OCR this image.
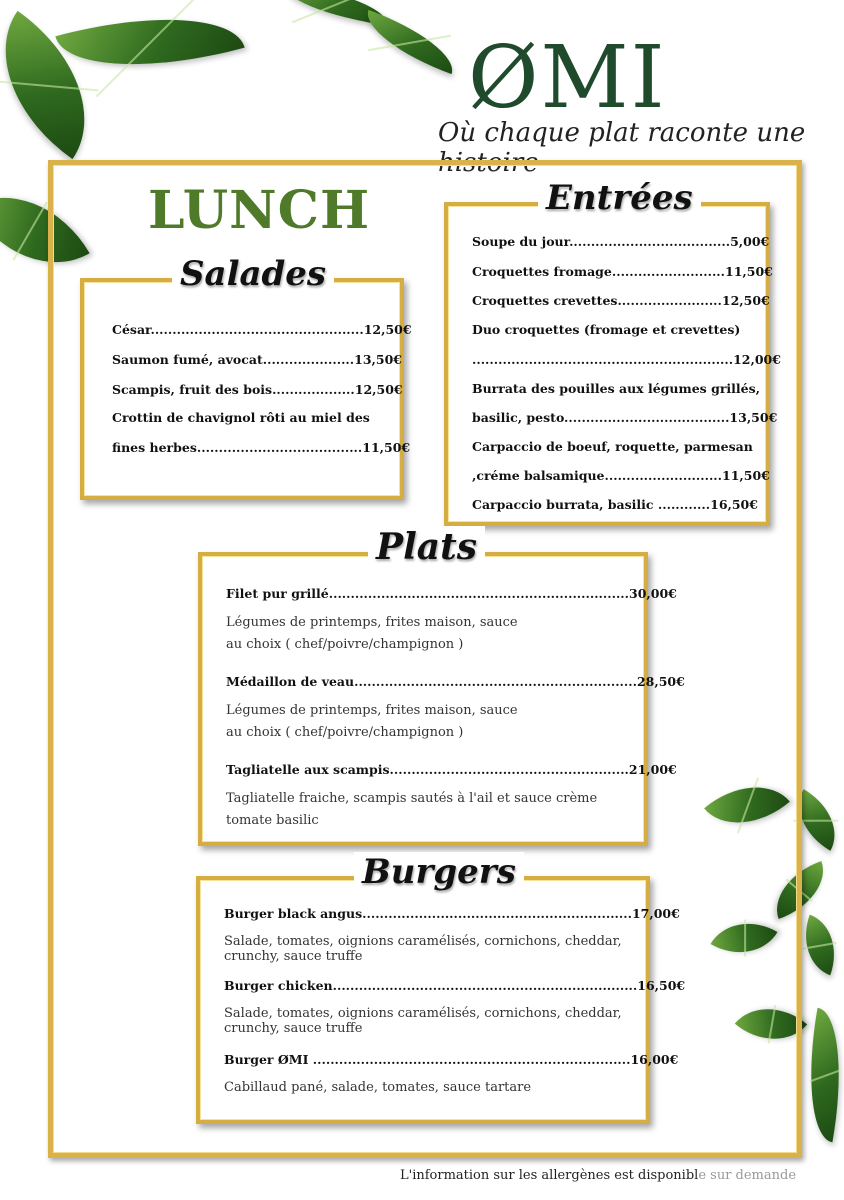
ØMI
Où chaque plat raconte une histoire
LUNCH
Salades
César.................................................12,50€
Saumon fumé, avocat.....................13,50€
Scampis, fruit des bois...................12,50€
Crottin de chavignol rôti au miel des
fines herbes......................................11,50€
Entrées
Soupe du jour.....................................5,00€
Croquettes fromage..........................11,50€
Croquettes crevettes........................12,50€
Duo croquettes (fromage et crevettes)
............................................................12,00€
Burrata des pouilles aux légumes grillés,
basilic, pesto......................................13,50€
Carpaccio de boeuf, roquette, parmesan
,créme balsamique...........................11,50€
Carpaccio burrata, basilic ............16,50€
Plats
Filet pur grillé.....................................................................30,00€
Légumes de printemps, frites maison, sauce
au choix ( chef/poivre/champignon )
Médaillon de veau.................................................................28,50€
Légumes de printemps, frites maison, sauce
au choix ( chef/poivre/champignon )
Tagliatelle aux scampis.......................................................21,00€
Tagliatelle fraiche, scampis sautés à l'ail et sauce crème
tomate basilic
Burgers
Burger black angus..............................................................17,00€
Salade, tomates, oignions caramélisés, cornichons, cheddar,
crunchy, sauce truffe
Burger chicken......................................................................16,50€
Salade, tomates, oignions caramélisés, cornichons, cheddar,
crunchy, sauce truffe
Burger ØMI .........................................................................16,00€
Cabillaud pané, salade, tomates, sauce tartare
L'information sur les allergènes est disponible sur demande
